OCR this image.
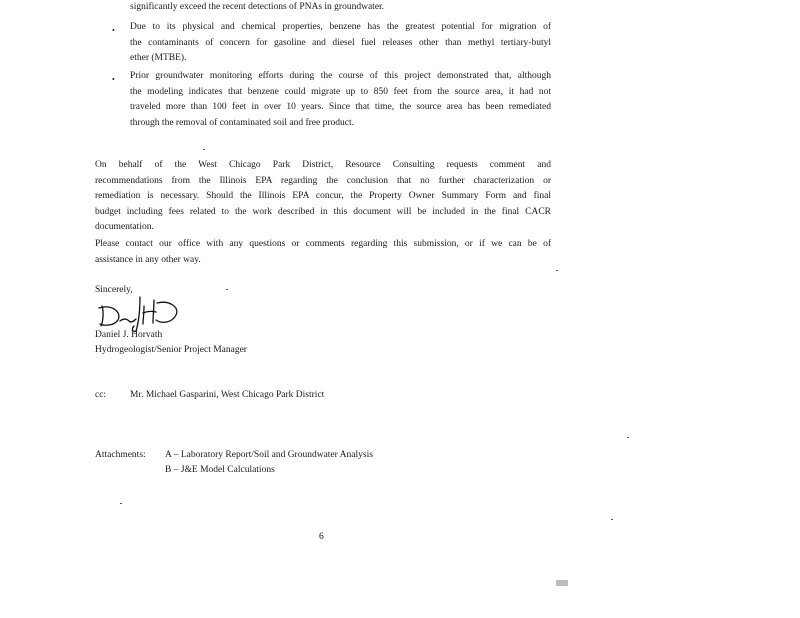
significantly exceed the recent detections of PNAs in groundwater.
• Due to its physical and chemical properties, benzene has the greatest potential for migration of
the contaminants of concern for gasoline and diesel fuel releases other than methyl tertiary-butyl
ether (MTBE).
• Prior groundwater monitoring efforts during the course of this project demonstrated that, although
the modeling indicates that benzene could migrate up to 850 feet from the source area, it had not
traveled more than 100 feet in over 10 years. Since that time, the source area has been remediated
through the removal of contaminated soil and free product.
On behalf of the West Chicago Park District, Resource Consulting requests comment and
recommendations from the Illinois EPA regarding the conclusion that no further characterization or
remediation is necessary. Should the Illinois EPA concur, the Property Owner Summary Form and final
budget including fees related to the work described in this document will be included in the final CACR
documentation.
Please contact our office with any questions or comments regarding this submission, or if we can be of
assistance in any other way.
Sincerely,
Daniel J. Horvath
Hydrogeologist/Senior Project Manager
cc:	Mr. Michael Gasparini, West Chicago Park District
Attachments: A – Laboratory Report/Soil and Groundwater Analysis
B – J&E Model Calculations
6
